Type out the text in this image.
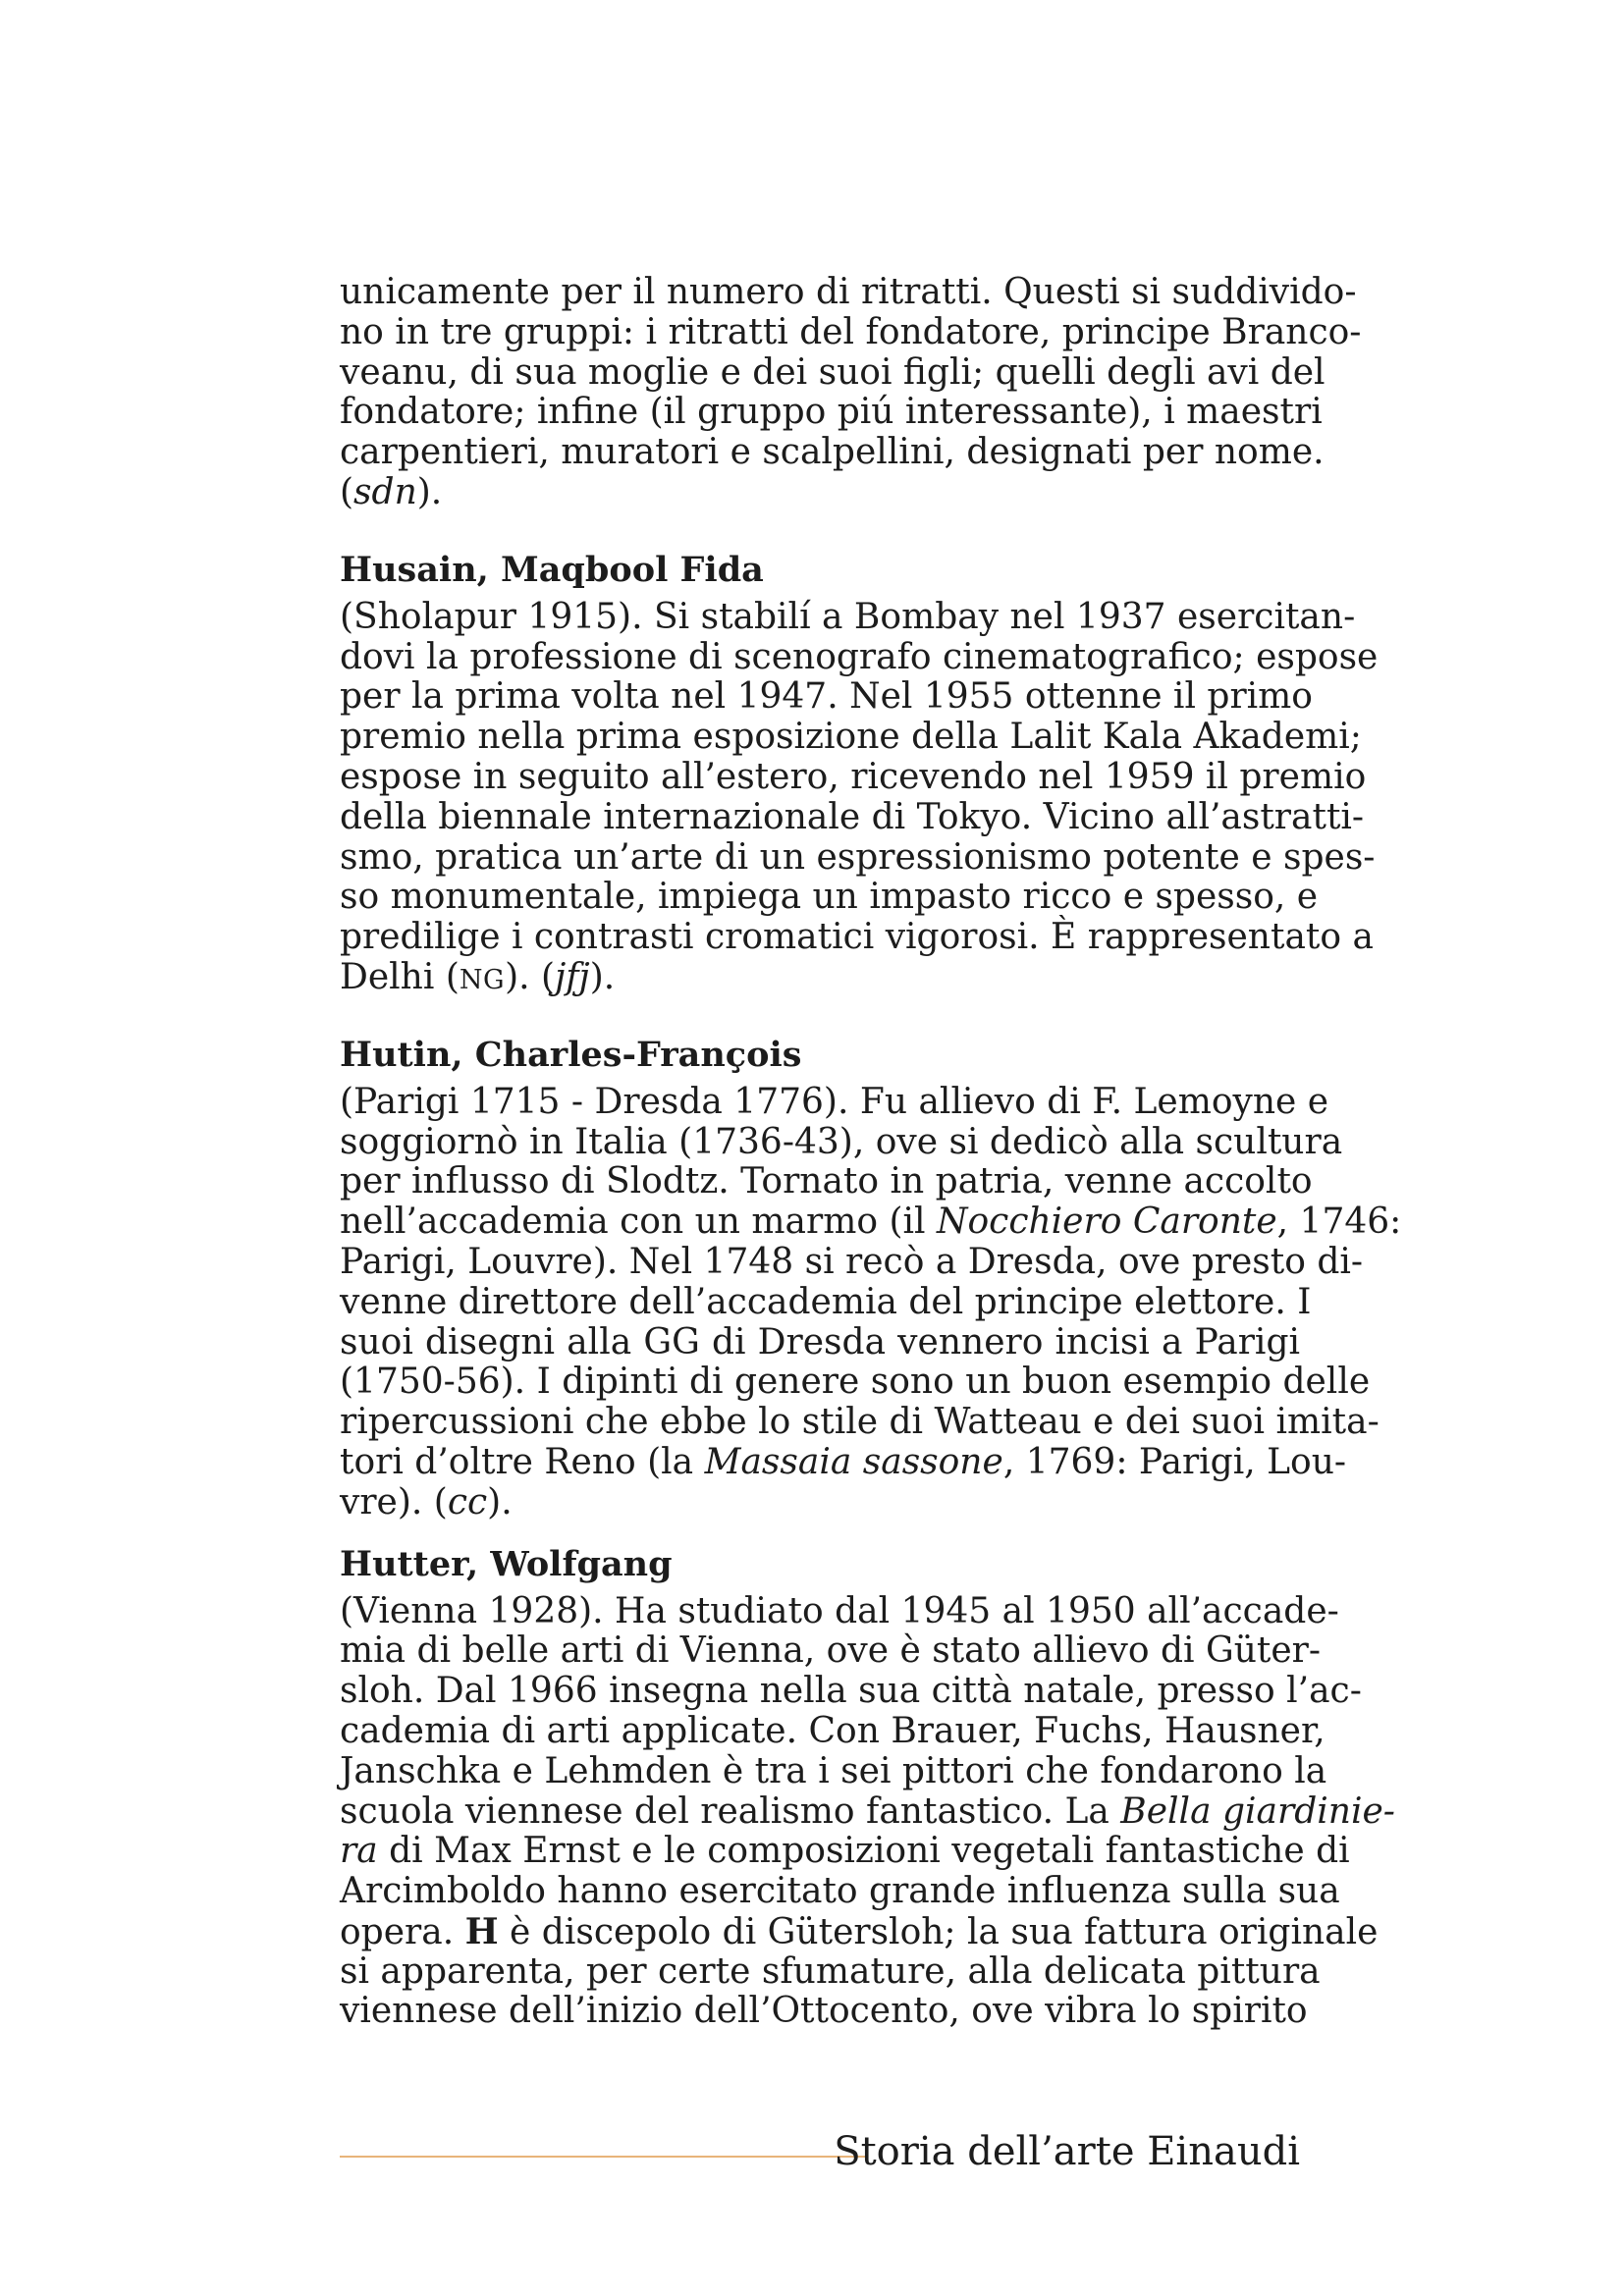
unicamente per il numero di ritratti. Questi si suddivido-
no in tre gruppi: i ritratti del fondatore, principe Branco-
veanu, di sua moglie e dei suoi figli; quelli degli avi del
fondatore; infine (il gruppo piú interessante), i maestri
carpentieri, muratori e scalpellini, designati per nome.
(sdn).
Husain, Maqbool Fida
(Sholapur 1915). Si stabilí a Bombay nel 1937 esercitan-
dovi la professione di scenografo cinematografico; espose
per la prima volta nel 1947. Nel 1955 ottenne il primo
premio nella prima esposizione della Lalit Kala Akademi;
espose in seguito all’estero, ricevendo nel 1959 il premio
della biennale internazionale di Tokyo. Vicino all’astratti-
smo, pratica un’arte di un espressionismo potente e spes-
so monumentale, impiega un impasto ricco e spesso, e
predilige i contrasti cromatici vigorosi. È rappresentato a
Delhi (NG). (jfj).
Hutin, Charles-François
(Parigi 1715 - Dresda 1776). Fu allievo di F. Lemoyne e
soggiornò in Italia (1736-43), ove si dedicò alla scultura
per influsso di Slodtz. Tornato in patria, venne accolto
nell’accademia con un marmo (il Nocchiero Caronte, 1746:
Parigi, Louvre). Nel 1748 si recò a Dresda, ove presto di-
venne direttore dell’accademia del principe elettore. I
suoi disegni alla GG di Dresda vennero incisi a Parigi
(1750-56). I dipinti di genere sono un buon esempio delle
ripercussioni che ebbe lo stile di Watteau e dei suoi imita-
tori d’oltre Reno (la Massaia sassone, 1769: Parigi, Lou-
vre). (cc).
Hutter, Wolfgang
(Vienna 1928). Ha studiato dal 1945 al 1950 all’accade-
mia di belle arti di Vienna, ove è stato allievo di Güter-
sloh. Dal 1966 insegna nella sua città natale, presso l’ac-
cademia di arti applicate. Con Brauer, Fuchs, Hausner,
Janschka e Lehmden è tra i sei pittori che fondarono la
scuola viennese del realismo fantastico. La Bella giardinie-
ra di Max Ernst e le composizioni vegetali fantastiche di
Arcimboldo hanno esercitato grande influenza sulla sua
opera. H è discepolo di Gütersloh; la sua fattura originale
si apparenta, per certe sfumature, alla delicata pittura
viennese dell’inizio dell’Ottocento, ove vibra lo spirito
Storia dell’arte Einaudi
